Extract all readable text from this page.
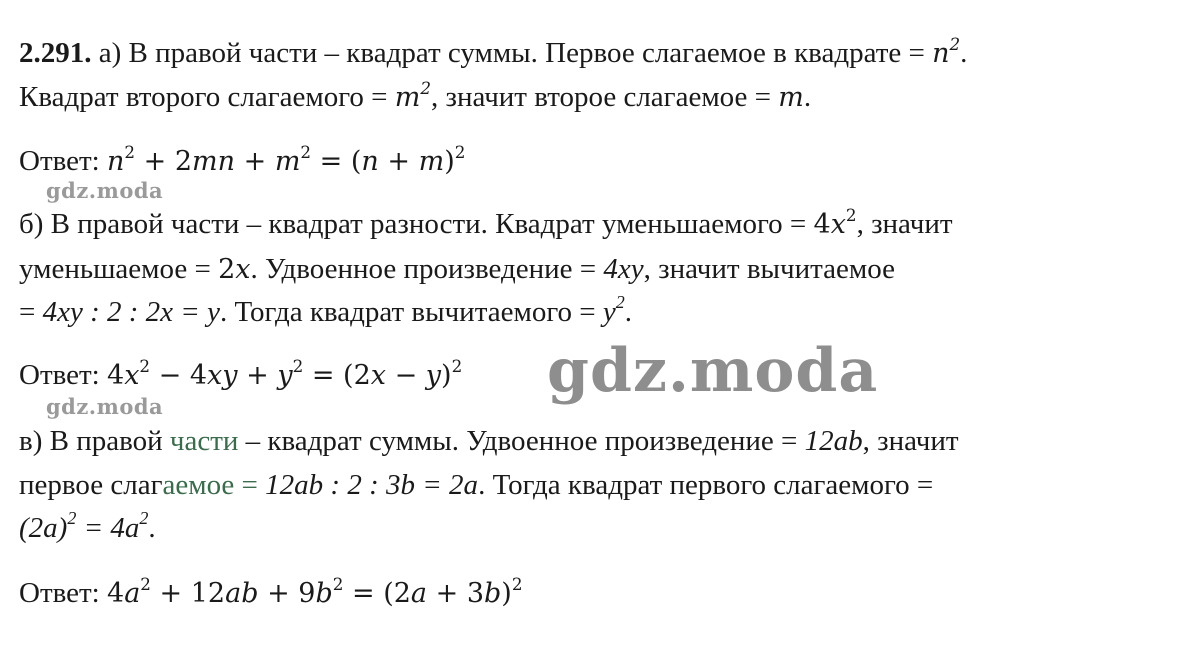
2.291. а) В правой части – квадрат суммы. Первое слагаемое в квадрате = $n^2$.
Квадрат второго слагаемого = $m^2$, значит второе слагаемое = m.
Ответ: $n^2 + 2mn + m^2 = (n + m)^2$
gdz.moda
б) В правой части – квадрат разности. Квадрат уменьшаемого = $4x^2$, значит
уменьшаемое = 2x. Удвоенное произведение = 4xy, значит вычитаемое
= 4xy : 2 : 2x = y. Тогда квадрат вычитаемого = $y^2$.
Ответ: $4x^2 - 4xy + y^2 = (2x - y)^2$
gdz.moda
gdz.moda
в) В правой части – квадрат суммы. Удвоенное произведение = 12ab, значит
первое слагаемое = 12ab : 2 : 3b = 2a. Тогда квадрат первого слагаемого =
$(2a)^2 = 4a^2$.
Ответ: $4a^2 + 12ab + 9b^2 = (2a + 3b)^2$
